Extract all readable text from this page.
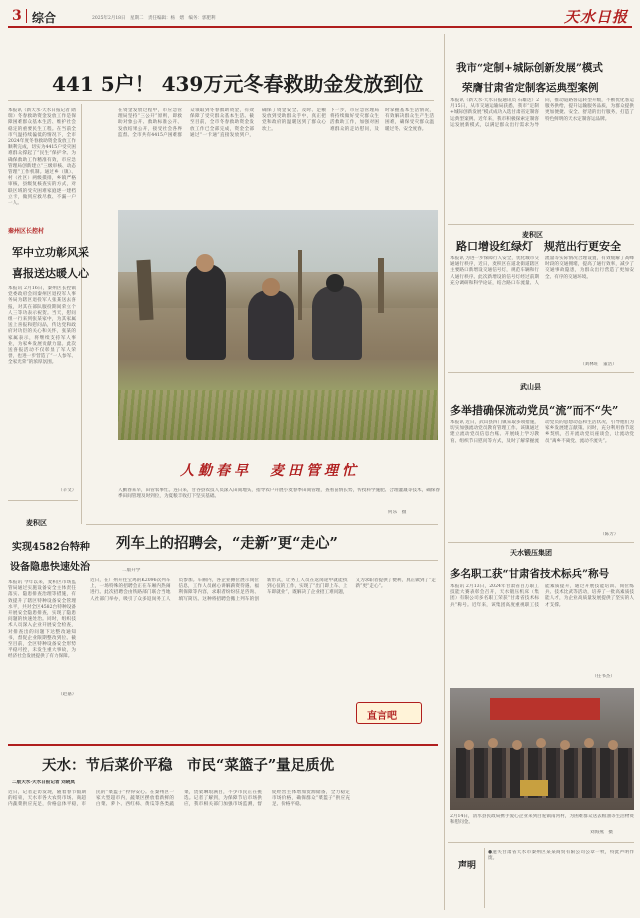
3 综合	2025年2月18日　星期二　责任编辑：杨　熠　编务：郭肥利	天水日报
441 5户！ 439万元冬春救助金发放到位
本报讯（新天水·天水日报记者 隋 瑞）冬春救助资金发放工作是保障困难群众基本生活、维护社会稳定的重要民生工程。在当前全市气温持续偏低的情况下，全市2024年度冬春救助资金发放工作顺利完成，切实为4415户受灾困难群众撑起了“民生”保护伞。为确保救助工作精准有效，市应急管理局创新建立“三级审核、动态管理”工作机制。通过乡（镇）、村（社区）两级摸排，乡镇严格审核，县级复核查实的方式，对联区域的受灾困难家庭逐一建档立卡，做到应救尽救、不漏一户一人。
在资金发放过程中，市应急管理局坚持“三公开”原则，即救助对象公开、救助标准公开、发放结果公开，接受社会各界监督。全市共有4415户困难群众领取到冬春救助资金，有效保障了受灾群众基本生活。截至目前，全市冬春救助资金发放工作已全部完成，资金全部通过“一卡通”直接发放到户，确保了资金安全、及时、足额发放到受助群众手中，真正把党和政府的温暖送到了群众心坎上。
下一步，市应急管理局将持续做好受灾群众生活救助工作，加强对困难群众的走访慰问，及时掌握基本生活情况，有效解决群众生产生活困难，确保受灾群众温暖过冬、安全度春。
秦州区长控村
军中立功彰风采
喜报送达暖人心
本报讯 2月16日，秦州区长控镇党委政府会同秦州区退役军人事务局为辖区退役军人张某送去喜报，对其在部队服役期间荣立个人三等功表示祝贺。当天，慰问组一行来到张某家中，为其家属送上喜报和慰问品，传达党和政府对功臣的关心和关怀，张某的家属表示，将继续支持军人事业，为家乡发展贡献力量。此次送喜报活动不仅彰显了军人荣誉，也进一步营造了“一人参军、全家光荣”的浓厚氛围。
（辛文）
麦积区
实现4582台特种
设备隐患快速处治
本报讯 今年以来，麦积区市场监管局通过实施设备安全主体责任落实、隐患排查治理等措施，有效提升了辖区特种设备安全管理水平，共对全区4582台特种设备开展安全隐患排查，实现了隐患问题的快速处治。同时，组织技术人员深入企业开展安全检查，对排查出的问题下达整改通知书，督促企业限期整改到位。截至目前，全区特种设备安全形势平稳可控，未发生重大事故，为经济社会发展提供了有力保障。
（赵嘉）
人勤春早　麦田管理忙
人勤春来早，田管农事忙。连日来，甘谷县农技人员深入田间地头，指导农户开展小麦春季田间管理，查看苗情长势，传授科学施肥、合理灌溉等技术，确保春季田间管理及时到位，为夏粮丰收打下坚实基础。
何乐　摄
列车上的招聘会，“走新”更“走心”
二版开学
近日，在广州开往宝鸡的K2096次列车上，一场特殊的招聘会正在车厢内热闹进行。此次招聘会由铁路部门联合当地人社部门举办，吸引了众多返岗务工人员参加。车厢内，各企业摊位展示岗位信息，工作人员耐心讲解薪资待遇、福利保障等内容，求职者纷纷驻足咨询、填写简历。这种将招聘会搬上列车的创新形式，让务工人员在返岗途中就能找到心仪的工作，实现了“出门即上车、上车即就业”，既解决了企业招工难问题，又为求职者提供了便利，真正做到了“走新”更“走心”。
直言吧
天水：节后菜价平稳　市民“菜篮子”量足质优
二版天水·天水日报记者 刘晓岚
近日，记者走访发现，随着春节假期的结束，天水市各大农贸市场、商超内蔬菜供应充足，价格总体平稳，市民的“菜篮子”拎得安心。在秦州区一家大型超市内，蔬菜区摆放着新鲜的白菜、萝卜、西红柿、黄瓜等各类蔬菜，货架琳琅满目，不少市民正在挑选。记者了解到，为保障节后市场供应，我市相关部门加强市场监测，督促经营主体增加货源储备，全力稳定市场价格，确保群众“菜篮子”供应充足、价格平稳。
我市“定制+城际创新发展”模式
荣膺甘肃省定制客运典型案例
本报讯（新天水·天水日报通讯员 石雄达）2月15日，从市交通运输局获悉，我市“定制+城际创新发展”模式成功入选甘肃省定制客运典型案例。近年来，我市积极探索定制客运发展新模式，以满足群众出行需求为导向，推动道路客运转型升级，不断优化客运服务供给，提升运输服务品质，为群众提供更加便捷、安全、舒适的出行服务，打造了特色鲜明的天水定制客运品牌。
麦积区
路口增设红绿灯　规范出行更安全
本报讯 为进一步保障行人安全，优化城市交通通行秩序，近日，麦积区在道北街道辖区主要路口新增设交通信号灯，规范车辆和行人通行秩序。此次新增设的信号灯经过前期充分调研和科学论证，结合路口车流量、人流量等实际情况合理设置，有效缓解了高峰时段的交通拥堵，提高了通行效率，减少了交通事故隐患，为群众出行营造了更加安全、有序的交通环境。
（刘林旺　董浩）
武山县
多举措确保流动党员“流”而不“失”
本报讯 近日，武山县四门镇采取多项措施，切实加强流动党员教育管理工作。该镇通过建立流动党员信息台账、开展线上学习教育、组织节日慰问等方式，及时了解掌握流动党员的思想动态和生活状况，引导他们为家乡发展建言献策。同时，充分利用春节返乡契机，召开流动党员座谈会，让流动党员“离乡不离党、流动不流失”。
（陈芳）
天水锻压集团
多名职工获“甘肃省技术标兵”称号
本报讯 2月13日，2024年甘肃省百万职工技能大赛表彰会召开，天水锻压机床（集团）有限公司多名职工荣获“甘肃省技术标兵”称号。近年来，该集团高度重视职工技能素质提升，通过开展技能培训、岗位练兵、技术比武等活动，培养了一批高素质技能人才，为企业高质量发展提供了坚实的人才支撑。
（任书杰）
2月14日，清水县民政局携手爱心企业来到白驼镇南河村，为困难群众送去粮油等生活物资和慰问金。
刘海燕　摄
声明
●遗失甘肃省天水市秦州区某某商贸有限公司公章一枚，特此声明作废。
